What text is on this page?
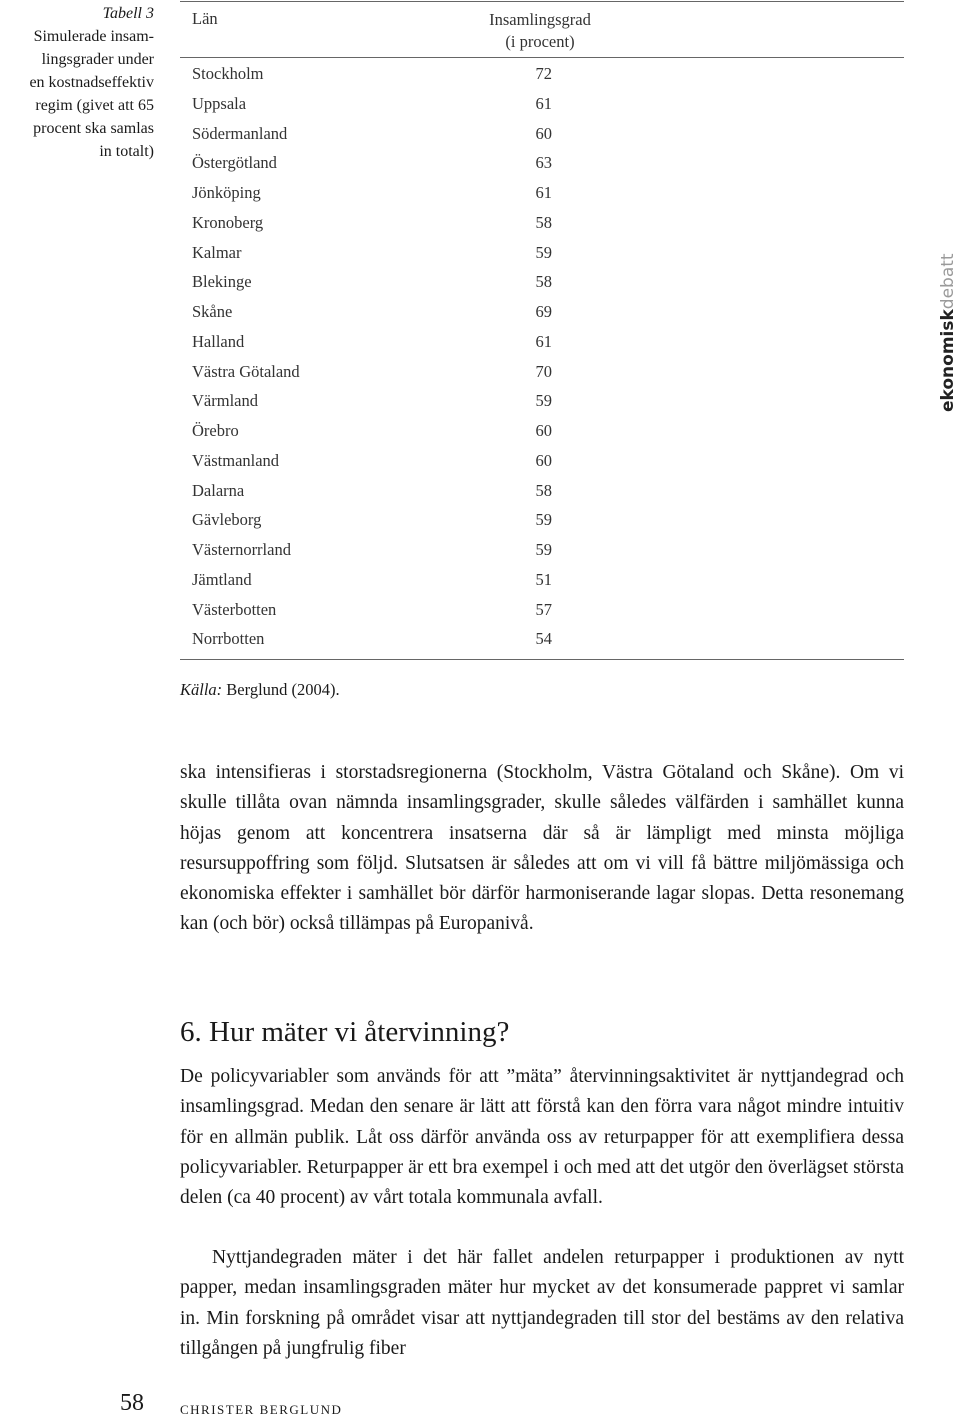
Tabell 3
Simulerade insam-
lingsgrader under
en kostnadseffektiv
regim (givet att 65
procent ska samlas
in totalt)
ekonomiskdebatt
Län	Insamlingsgrad
(i procent)
Stockholm	72
Uppsala	61
Södermanland	60
Östergötland	63
Jönköping	61
Kronoberg	58
Kalmar	59
Blekinge	58
Skåne	69
Halland	61
Västra Götaland	70
Värmland	59
Örebro	60
Västmanland	60
Dalarna	58
Gävleborg	59
Västernorrland	59
Jämtland	51
Västerbotten	57
Norrbotten	54
Källa: Berglund (2004).

ska intensifieras i storstadsregionerna (Stockholm, Västra Götaland och Skåne). Om vi skulle tillåta ovan nämnda insamlingsgrader, skulle således välfärden i samhället kunna höjas genom att koncentrera insatserna där så är lämpligt med minsta möjliga resursuppoffring som följd. Slutsatsen är således att om vi vill få bättre miljömässiga och ekonomiska effekter i samhället bör därför harmoniserande lagar slopas. Detta resonemang kan (och bör) också tillämpas på Europanivå.

6. Hur mäter vi återvinning?

De policyvariabler som används för att ”mäta” återvinningsaktivitet är nyttjandegrad och insamlingsgrad. Medan den senare är lätt att förstå kan den förra vara något mindre intuitiv för en allmän publik. Låt oss därför använda oss av returpapper för att exemplifiera dessa policyvariabler. Returpapper är ett bra exempel i och med att det utgör den överlägset största delen (ca 40 procent) av vårt totala kommunala avfall.

Nyttjandegraden mäter i det här fallet andelen returpapper i produktionen av nytt papper, medan insamlingsgraden mäter hur mycket av det konsumerade pappret vi samlar in. Min forskning på området visar att nyttjandegraden till stor del bestäms av den relativa tillgången på jungfrulig fiber

58	CHRISTER BERGLUND
